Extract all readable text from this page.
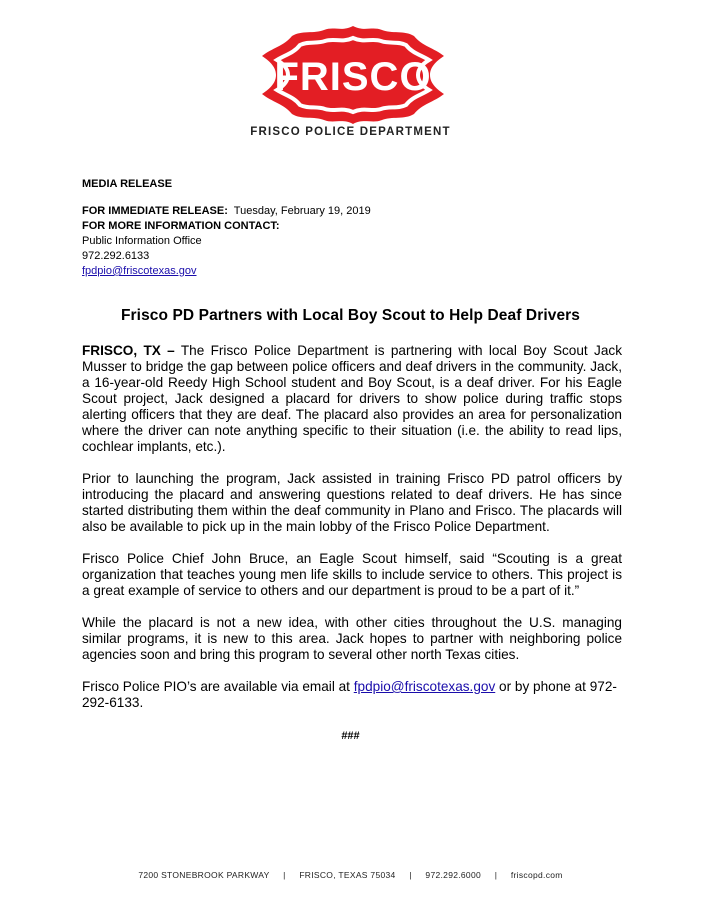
FRISCO
FRISCO POLICE DEPARTMENT
MEDIA RELEASE
FOR IMMEDIATE RELEASE: Tuesday, February 19, 2019
FOR MORE INFORMATION CONTACT:
Public Information Office
972.292.6133
fpdpio@friscotexas.gov
Frisco PD Partners with Local Boy Scout to Help Deaf Drivers

FRISCO, TX – The Frisco Police Department is partnering with local Boy Scout Jack Musser to bridge the gap between police officers and deaf drivers in the community. Jack, a 16-year-old Reedy High School student and Boy Scout, is a deaf driver. For his Eagle Scout project, Jack designed a placard for drivers to show police during traffic stops alerting officers that they are deaf. The placard also provides an area for personalization where the driver can note anything specific to their situation (i.e. the ability to read lips, cochlear implants, etc.).

Prior to launching the program, Jack assisted in training Frisco PD patrol officers by introducing the placard and answering questions related to deaf drivers. He has since started distributing them within the deaf community in Plano and Frisco. The placards will also be available to pick up in the main lobby of the Frisco Police Department.

Frisco Police Chief John Bruce, an Eagle Scout himself, said “Scouting is a great organization that teaches young men life skills to include service to others. This project is a great example of service to others and our department is proud to be a part of it.”

While the placard is not a new idea, with other cities throughout the U.S. managing similar programs, it is new to this area. Jack hopes to partner with neighboring police agencies soon and bring this program to several other north Texas cities.

Frisco Police PIO’s are available via email at fpdpio@friscotexas.gov or by phone at 972-292-6133.

###
7200 STONEBROOK PARKWAY | FRISCO, TEXAS 75034 | 972.292.6000 | friscopd.com
